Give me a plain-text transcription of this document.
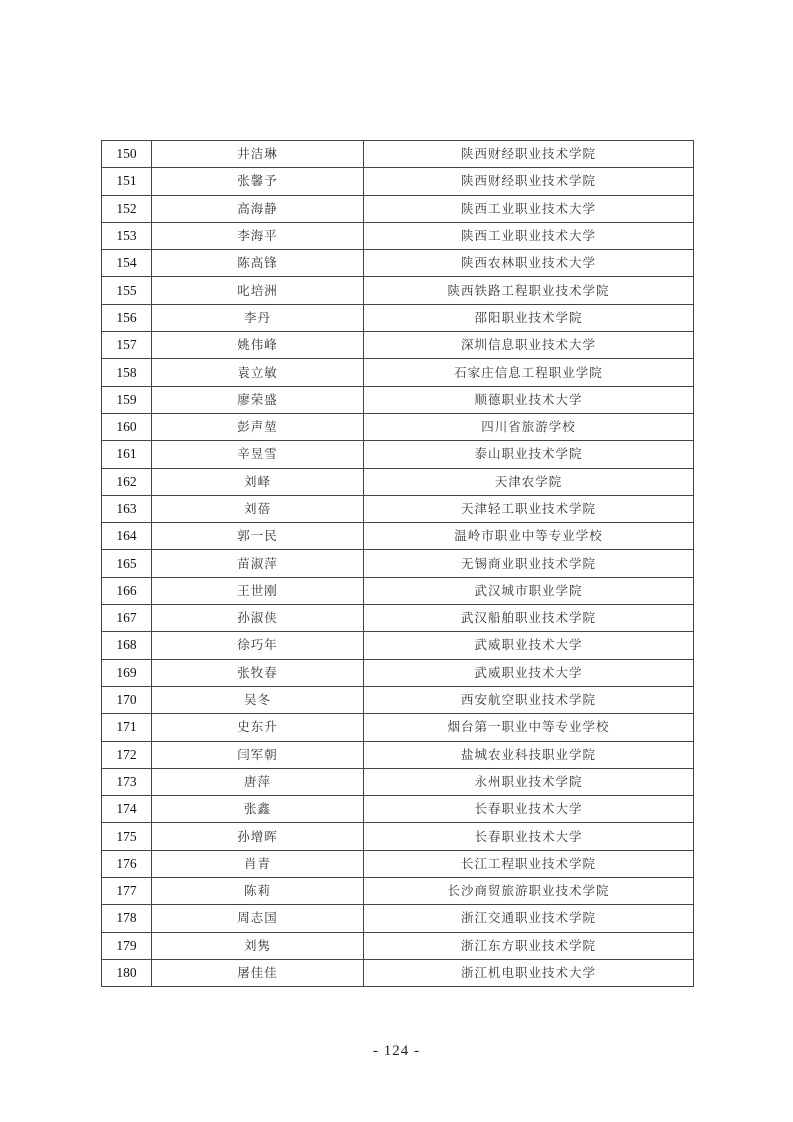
150	井洁琳	陕西财经职业技术学院
151	张馨予	陕西财经职业技术学院
152	高海静	陕西工业职业技术大学
153	李海平	陕西工业职业技术大学
154	陈高锋	陕西农林职业技术大学
155	叱培洲	陕西铁路工程职业技术学院
156	李丹	邵阳职业技术学院
157	姚伟峰	深圳信息职业技术大学
158	袁立敏	石家庄信息工程职业学院
159	廖荣盛	顺德职业技术大学
160	彭声堃	四川省旅游学校
161	辛昱雪	泰山职业技术学院
162	刘峄	天津农学院
163	刘蓓	天津轻工职业技术学院
164	郭一民	温岭市职业中等专业学校
165	苗淑萍	无锡商业职业技术学院
166	王世刚	武汉城市职业学院
167	孙淑侠	武汉船舶职业技术学院
168	徐巧年	武威职业技术大学
169	张牧春	武威职业技术大学
170	吴冬	西安航空职业技术学院
171	史东升	烟台第一职业中等专业学校
172	闫军朝	盐城农业科技职业学院
173	唐萍	永州职业技术学院
174	张鑫	长春职业技术大学
175	孙增晖	长春职业技术大学
176	肖青	长江工程职业技术学院
177	陈莉	长沙商贸旅游职业技术学院
178	周志国	浙江交通职业技术学院
179	刘隽	浙江东方职业技术学院
180	屠佳佳	浙江机电职业技术大学
- 124 -
